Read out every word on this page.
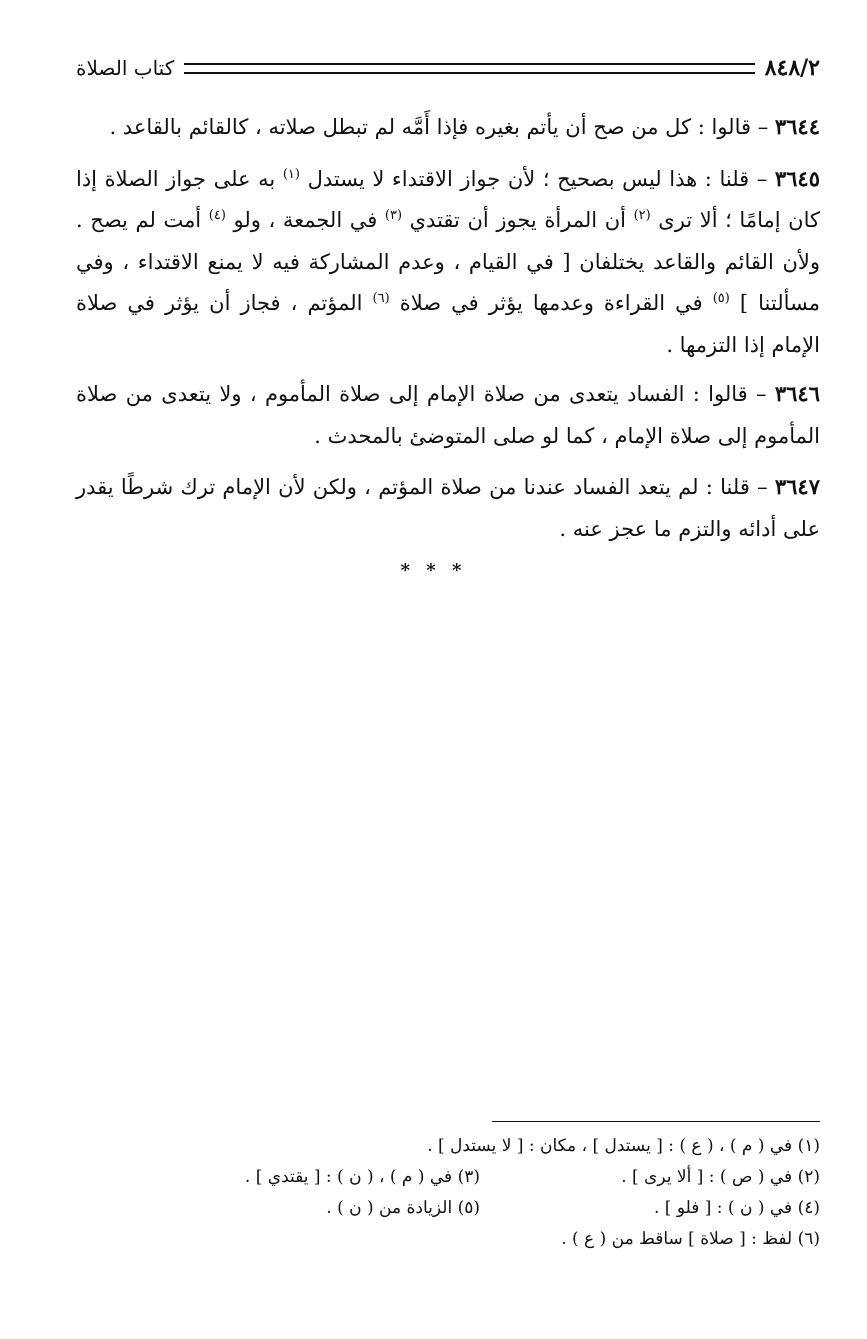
٨٤٨/٢
كتاب الصلاة

٣٦٤٤ – قالوا : كل من صح أن يأتم بغيره فإذا أَمَّه لم تبطل صلاته ، كالقائم بالقاعد .

٣٦٤٥ – قلنا : هذا ليس بصحيح ؛ لأن جواز الاقتداء لا يستدل $^{(١)}$ به على جواز الصلاة إذا كان إمامًا ؛ ألا ترى $^{(٢)}$ أن المرأة يجوز أن تقتدي $^{(٣)}$ في الجمعة ، ولو $^{(٤)}$ أمت لم يصح . ولأن القائم والقاعد يختلفان [ في القيام ، وعدم المشاركة فيه لا يمنع الاقتداء ، وفي مسألتنا ] $^{(٥)}$ في القراءة وعدمها يؤثر في صلاة $^{(٦)}$ المؤتم ، فجاز أن يؤثر في صلاة الإمام إذا التزمها .

٣٦٤٦ – قالوا : الفساد يتعدى من صلاة الإمام إلى صلاة المأموم ، ولا يتعدى من صلاة المأموم إلى صلاة الإمام ، كما لو صلى المتوضئ بالمحدث .

٣٦٤٧ – قلنا : لم يتعد الفساد عندنا من صلاة المؤتم ، ولكن لأن الإمام ترك شرطًا يقدر على أدائه والتزم ما عجز عنه .

* * *
(١) في ( م ) ، ( ع ) : [ يستدل ] ، مكان : [ لا يستدل ] .
(٢) في ( ص ) : [ ألا يرى ] .
(٣) في ( م ) ، ( ن ) : [ يقتدي ] .
(٤) في ( ن ) : [ فلو ] .
(٥) الزيادة من ( ن ) .
(٦) لفظ : [ صلاة ] ساقط من ( ع ) .
